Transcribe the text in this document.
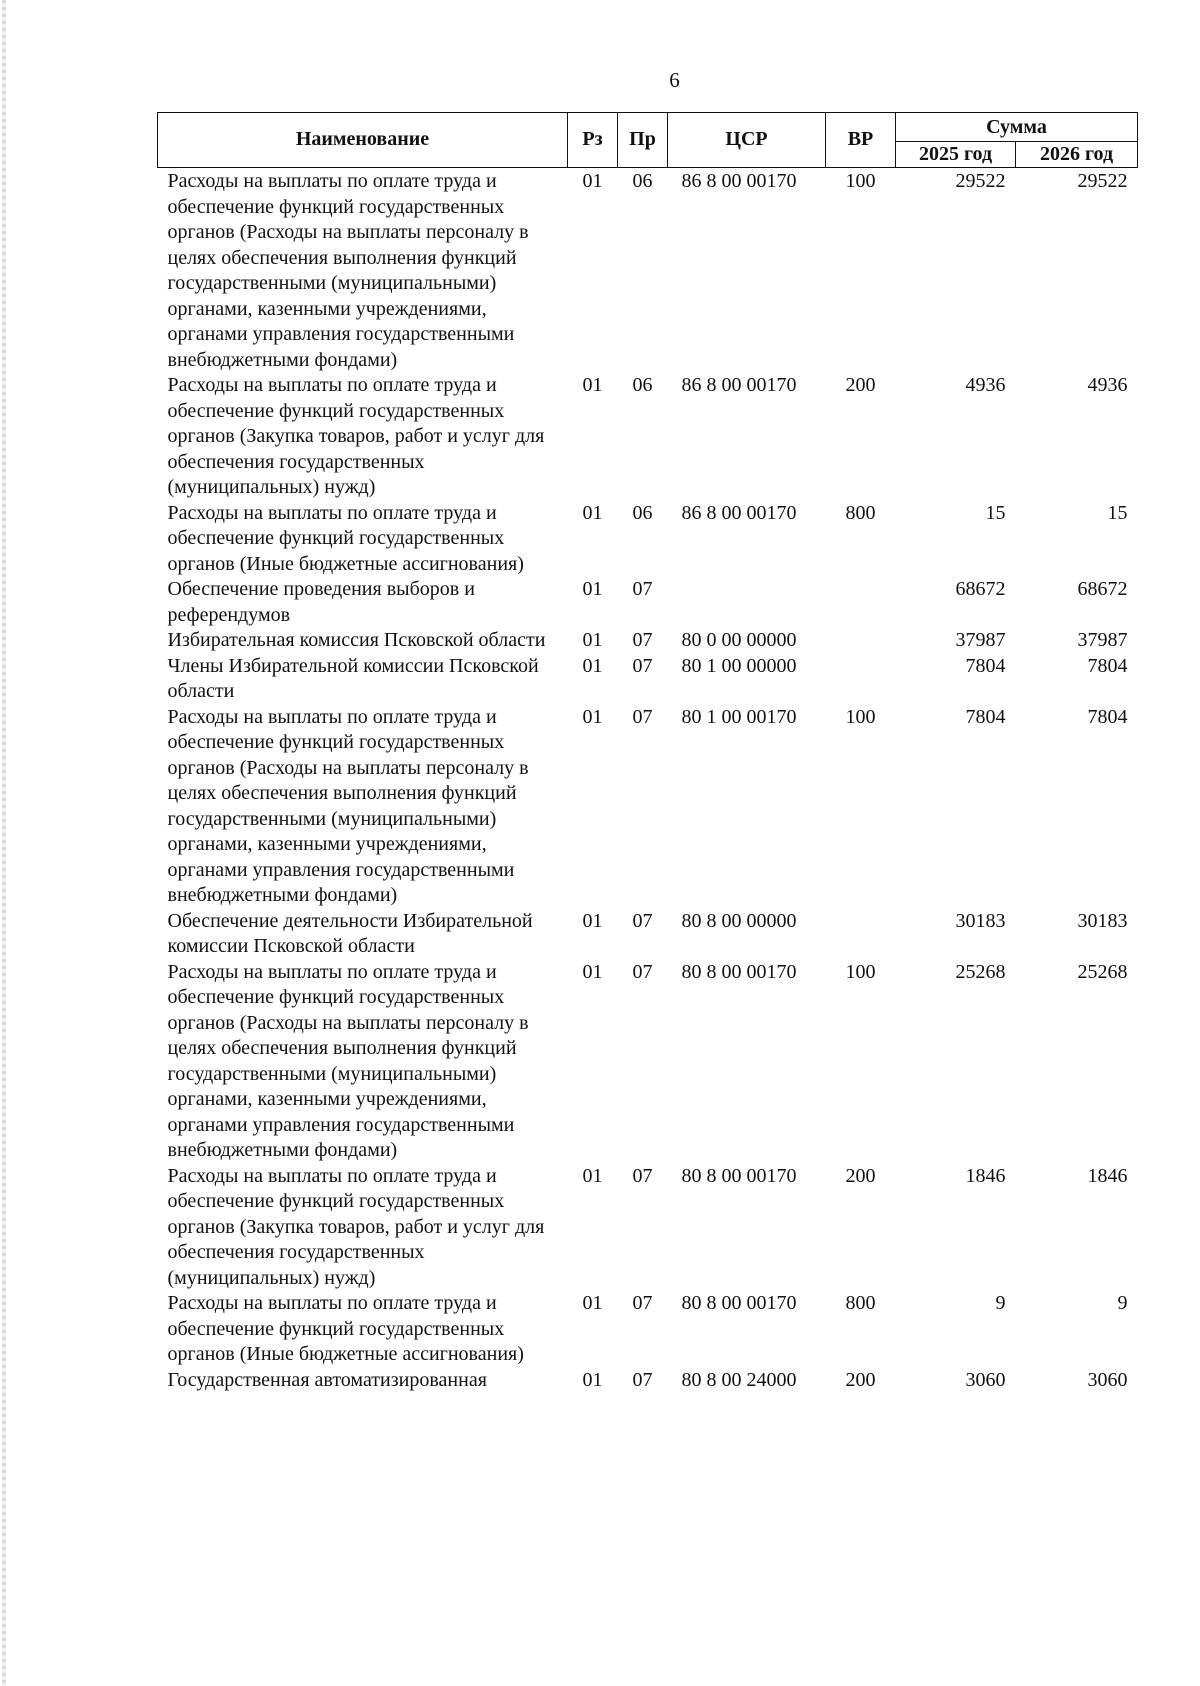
6
Наименование	Рз	Пр	ЦСР	ВР	Сумма	
					2025 год	2026 год
Расходы на выплаты по оплате труда и обеспечение функций государственных органов (Расходы на выплаты персоналу в целях обеспечения выполнения функций государственными (муниципальными) органами, казенными учреждениями, органами управления государственными внебюджетными фондами)	01	06	86 8 00 00170	100	29522	29522
Расходы на выплаты по оплате труда и обеспечение функций государственных органов (Закупка товаров, работ и услуг для обеспечения государственных (муниципальных) нужд)	01	06	86 8 00 00170	200	4936	4936
Расходы на выплаты по оплате труда и обеспечение функций государственных органов (Иные бюджетные ассигнования)	01	06	86 8 00 00170	800	15	15
Обеспечение проведения выборов и референдумов	01	07			68672	68672
Избирательная комиссия Псковской области	01	07	80 0 00 00000		37987	37987
Члены Избирательной комиссии Псковской области	01	07	80 1 00 00000		7804	7804
Расходы на выплаты по оплате труда и обеспечение функций государственных органов (Расходы на выплаты персоналу в целях обеспечения выполнения функций государственными (муниципальными) органами, казенными учреждениями, органами управления государственными внебюджетными фондами)	01	07	80 1 00 00170	100	7804	7804
Обеспечение деятельности Избирательной комиссии Псковской области	01	07	80 8 00 00000		30183	30183
Расходы на выплаты по оплате труда и обеспечение функций государственных органов (Расходы на выплаты персоналу в целях обеспечения выполнения функций государственными (муниципальными) органами, казенными учреждениями, органами управления государственными внебюджетными фондами)	01	07	80 8 00 00170	100	25268	25268
Расходы на выплаты по оплате труда и обеспечение функций государственных органов (Закупка товаров, работ и услуг для обеспечения государственных (муниципальных) нужд)	01	07	80 8 00 00170	200	1846	1846
Расходы на выплаты по оплате труда и обеспечение функций государственных органов (Иные бюджетные ассигнования)	01	07	80 8 00 00170	800	9	9
Государственная автоматизированная	01	07	80 8 00 24000	200	3060	3060
